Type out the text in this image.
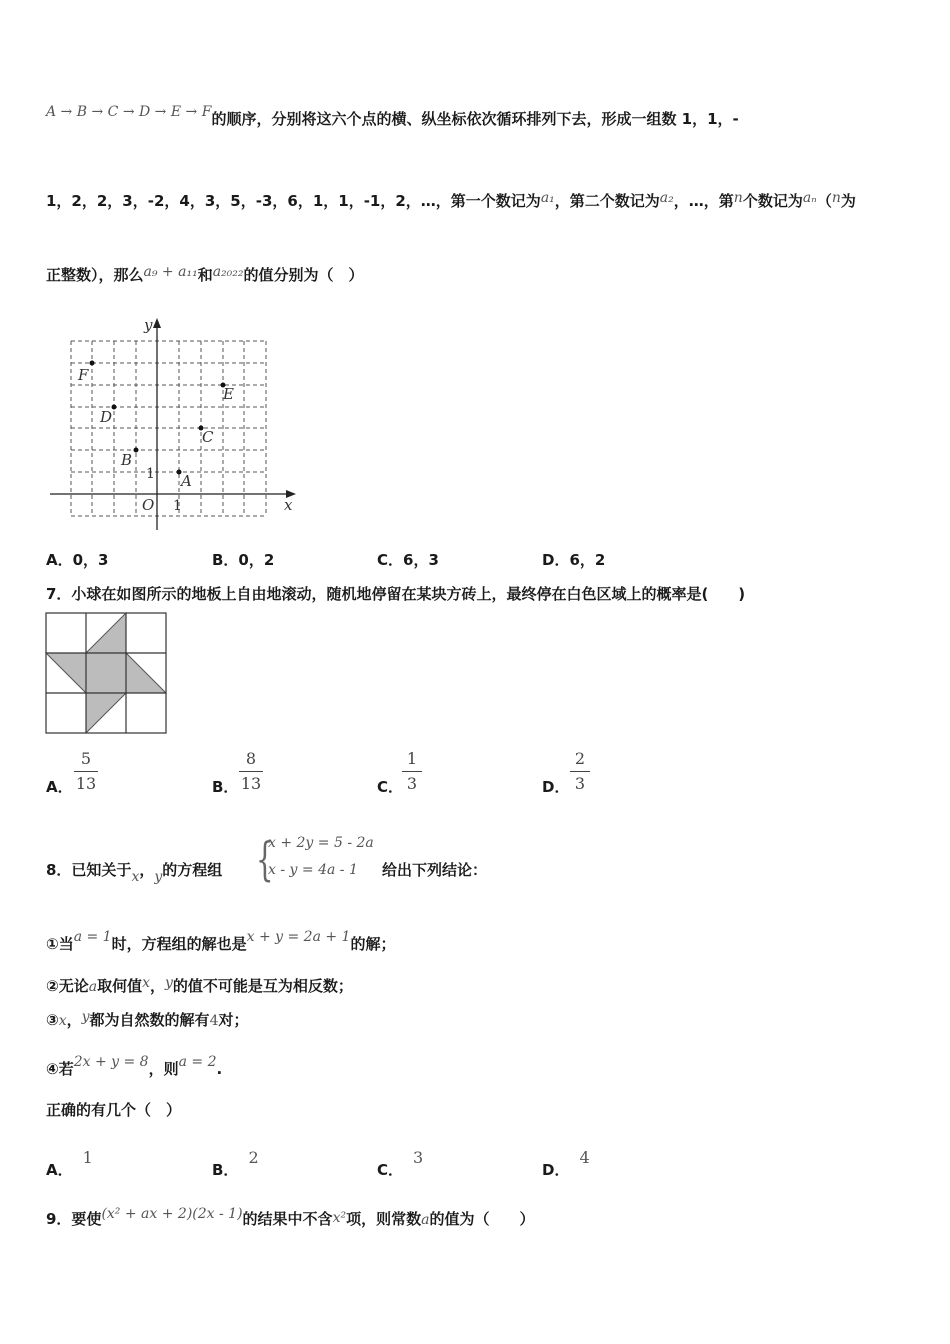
A → B → C → D → E → F的顺序，分别将这六个点的横、纵坐标依次循环排列下去，形成一组数 1，1，-
1，2，2，3，-2，4，3，5，-3，6，1，1，-1，2，…，第一个数记为a₁，第二个数记为a₂，…，第n个数记为aₙ（n为
正整数），那么a₉ + a₁₁和a₂₀₂₂的值分别为（　）
y
x
O 1
1
F
D
B
A
C
E
A．0，3	B．0，2	C．6，3	D．6，2
7．小球在如图所示的地板上自由地滚动，随机地停留在某块方砖上，最终停在白色区域上的概率是(　　)
A．
5
13	B．
8
13	C．
1
3	D．
2
3
8．已知关于x，y的方程组 {
x + 2y = 5 - 2a
x - y = 4a - 1 给出下列结论：
①当a = 1时，方程组的解也是x + y = 2a + 1的解；
②无论a取何值x，y的值不可能是互为相反数；
③x，y都为自然数的解有4对；
④若2x + y = 8，则a = 2.
正确的有几个（　）
A．1
B．2
C．3
D．4
9．要使(x² + ax + 2)(2x - 1)的结果中不含x²项，则常数a的值为（　　）
